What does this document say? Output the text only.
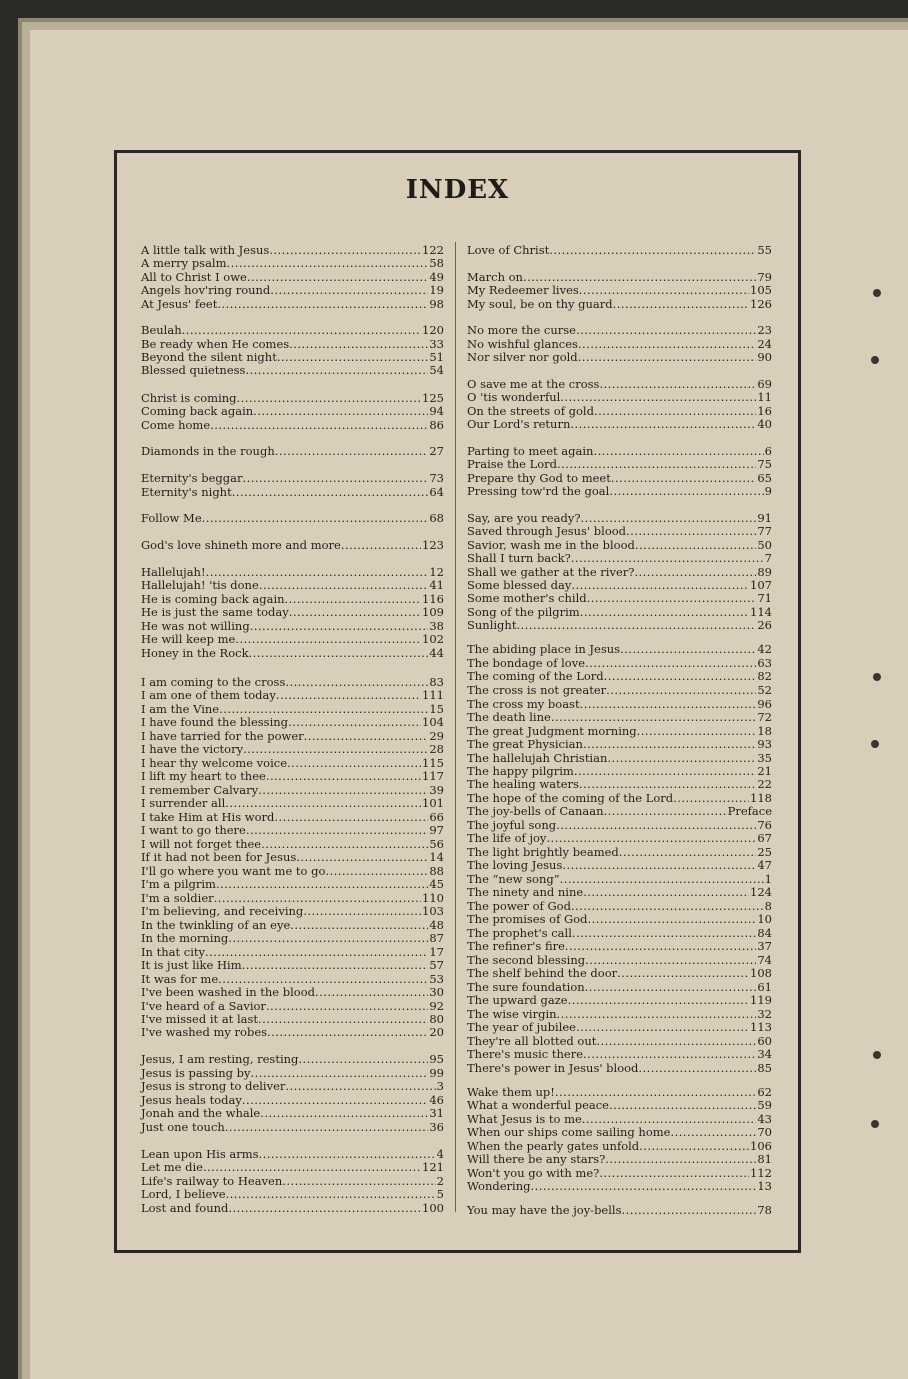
INDEX
A little talk with Jesus . . .	122
A merry psalm . . .	58
All to Christ I owe . . .	49
Angels hov'ring round . . .	19
At Jesus' feet . . .	98
Beulah . . .	120
Be ready when He comes . . .	33
Beyond the silent night . . .	51
Blessed quietness . . .	54
Christ is coming . . .	125
Coming back again . . .	94
Come home . . .	86
Diamonds in the rough . . .	27
Eternity's beggar . . .	73
Eternity's night . . .	64
Follow Me . . .	68
God's love shineth more and more . . .	123
Hallelujah! . . .	12
Hallelujah! 'tis done . . .	41
He is coming back again . . .	116
He is just the same today . . .	109
He was not willing . . .	38
He will keep me . . .	102
Honey in the Rock . . .	44
I am coming to the cross . . .	83
I am one of them today . . .	111
I am the Vine . . .	15
I have found the blessing . . .	104
I have tarried for the power . . .	29
I have the victory . . .	28
I hear thy welcome voice . . .	115
I lift my heart to thee . . .	117
I remember Calvary . . .	39
I surrender all . . .	101
I take Him at His word . . .	66
I want to go there . . .	97
I will not forget thee . . .	56
If it had not been for Jesus . . .	14
I'll go where you want me to go . . .	88
I'm a pilgrim . . .	45
I'm a soldier . . .	110
I'm believing, and receiving . . .	103
In the twinkling of an eye . . .	48
In the morning . . .	87
In that city . . .	17
It is just like Him . . .	57
It was for me . . .	53
I've been washed in the blood . . .	30
I've heard of a Savior . . .	92
I've missed it at last . . .	80
I've washed my robes . . .	20
Jesus, I am resting, resting . . .	95
Jesus is passing by . . .	99
Jesus is strong to deliver . . .	3
Jesus heals today . . .	46
Jonah and the whale . . .	31
Just one touch . . .	36
Lean upon His arms . . .	4
Let me die . . .	121
Life's railway to Heaven . . .	2
Lord, I believe . . .	5
Lost and found . . .	100
Love of Christ . . .	55
March on . . .	79
My Redeemer lives . . .	105
My soul, be on thy guard . . .	126
No more the curse . . .	23
No wishful glances . . .	24
Nor silver nor gold . . .	90
O save me at the cross . . .	69
O 'tis wonderful . . .	11
On the streets of gold . . .	16
Our Lord's return . . .	40
Parting to meet again . . .	6
Praise the Lord . . .	75
Prepare thy God to meet . . .	65
Pressing tow'rd the goal . . .	9
Say, are you ready? . . .	91
Saved through Jesus' blood . . .	77
Savior, wash me in the blood . . .	50
Shall I turn back? . . .	7
Shall we gather at the river? . . .	89
Some blessed day . . .	107
Some mother's child . . .	71
Song of the pilgrim . . .	114
Sunlight . . .	26
The abiding place in Jesus . . .	42
The bondage of love . . .	63
The coming of the Lord . . .	82
The cross is not greater . . .	52
The cross my boast . . .	96
The death line . . .	72
The great Judgment morning . . .	18
The great Physician . . .	93
The hallelujah Christian . . .	35
The happy pilgrim . . .	21
The healing waters . . .	22
The hope of the coming of the Lord . . .	118
The joy-bells of Canaan . . .	Preface
The joyful song . . .	76
The life of joy . . .	67
The light brightly beamed . . .	25
The loving Jesus . . .	47
The “new song” . . .	1
The ninety and nine . . .	124
The power of God . . .	8
The promises of God . . .	10
The prophet's call . . .	84
The refiner's fire . . .	37
The second blessing . . .	74
The shelf behind the door . . .	108
The sure foundation . . .	61
The upward gaze . . .	119
The wise virgin . . .	32
The year of jubilee . . .	113
They're all blotted out . . .	60
There's music there . . .	34
There's power in Jesus' blood . . .	85
Wake them up! . . .	62
What a wonderful peace . . .	59
What Jesus is to me . . .	43
When our ships come sailing home . . .	70
When the pearly gates unfold . . .	106
Will there be any stars? . . .	81
Won't you go with me? . . .	112
Wondering . . .	13
You may have the joy-bells . . .	78
